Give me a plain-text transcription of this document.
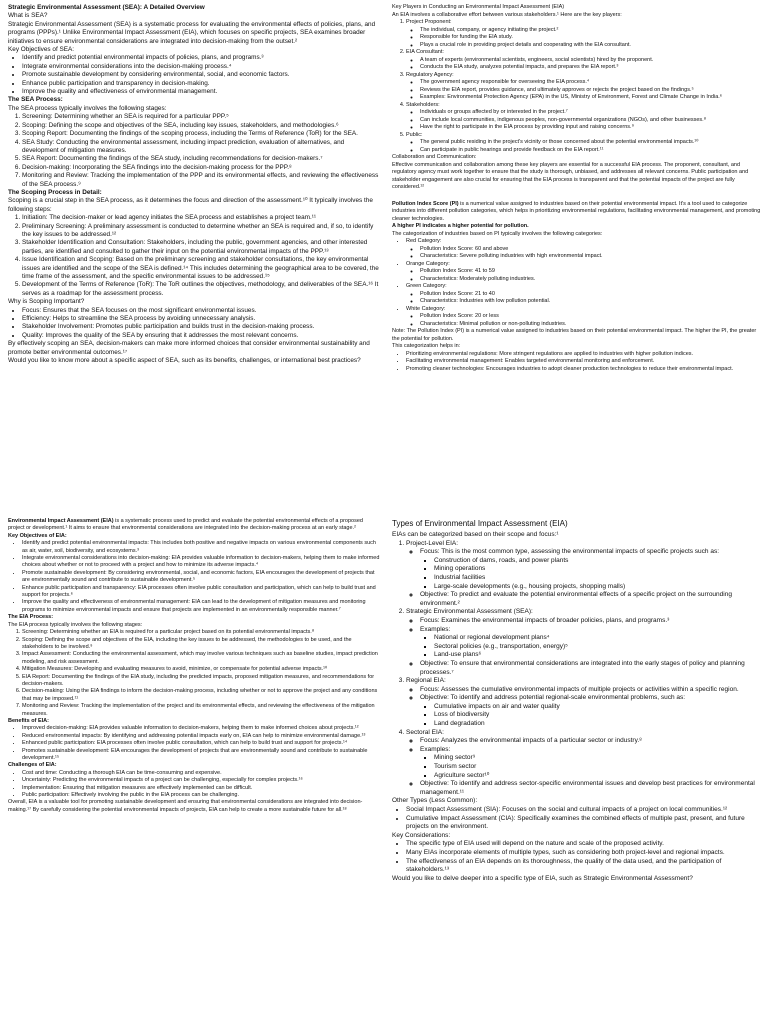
Strategic Environmental Assessment (SEA): A Detailed Overview

What is SEA?

Strategic Environmental Assessment (SEA) is a systematic process for evaluating the environmental effects of policies, plans, and programs (PPPs).¹ Unlike Environmental Impact Assessment (EIA), which focuses on specific projects, SEA examines broader initiatives to ensure environmental considerations are integrated into decision-making from the outset.²

Key Objectives of SEA:

• Identify and predict potential environmental impacts of policies, plans, and programs.³
• Integrate environmental considerations into the decision-making process.⁴
• Promote sustainable development by considering environmental, social, and economic factors.
• Enhance public participation and transparency in decision-making.
• Improve the quality and effectiveness of environmental management.

The SEA Process:

The SEA process typically involves the following stages:

1. Screening: Determining whether an SEA is required for a particular PPP.⁵
2. Scoping: Defining the scope and objectives of the SEA, including key issues, stakeholders, and methodologies.⁶
3. Scoping Report: Documenting the findings of the scoping process, including the Terms of Reference (ToR) for the SEA.
4. SEA Study: Conducting the environmental assessment, including impact prediction, evaluation of alternatives, and development of mitigation measures.
5. SEA Report: Documenting the findings of the SEA study, including recommendations for decision-makers.⁷
6. Decision-making: Incorporating the SEA findings into the decision-making process for the PPP.⁸
7. Monitoring and Review: Tracking the implementation of the PPP and its environmental effects, and reviewing the effectiveness of the SEA process.⁹

The Scoping Process in Detail:

Scoping is a crucial step in the SEA process, as it determines the focus and direction of the assessment.¹⁰ It typically involves the following steps:

1. Initiation: The decision-maker or lead agency initiates the SEA process and establishes a project team.¹¹
2. Preliminary Screening: A preliminary assessment is conducted to determine whether an SEA is required and, if so, to identify the key issues to be addressed.¹²
3. Stakeholder Identification and Consultation: Stakeholders, including the public, government agencies, and other interested parties, are identified and consulted to gather their input on the potential environmental impacts of the PPP.¹³
4. Issue Identification and Scoping: Based on the preliminary screening and stakeholder consultations, the key environmental issues are identified and the scope of the SEA is defined.¹⁴ This includes determining the geographical area to be covered, the time frame of the assessment, and the specific environmental issues to be addressed.¹⁵
5. Development of the Terms of Reference (ToR): The ToR outlines the objectives, methodology, and deliverables of the SEA.¹⁶ It serves as a roadmap for the assessment process.

Why is Scoping Important?

• Focus: Ensures that the SEA focuses on the most significant environmental issues.
• Efficiency: Helps to streamline the SEA process by avoiding unnecessary analysis.
• Stakeholder Involvement: Promotes public participation and builds trust in the decision-making process.
• Quality: Improves the quality of the SEA by ensuring that it addresses the most relevant concerns.

By effectively scoping an SEA, decision-makers can make more informed choices that consider environmental sustainability and promote better environmental outcomes.¹⁷

Would you like to know more about a specific aspect of SEA, such as its benefits, challenges, or international best practices?

Key Players in Conducting an Environmental Impact Assessment (EIA)

An EIA involves a collaborative effort between various stakeholders.¹ Here are the key players:

1. Project Proponent:
◦ The individual, company, or agency initiating the project.²
◦ Responsible for funding the EIA study.
◦ Plays a crucial role in providing project details and cooperating with the EIA consultant.
2. EIA Consultant:
◦ A team of experts (environmental scientists, engineers, social scientists) hired by the proponent.
◦ Conducts the EIA study, analyzes potential impacts, and prepares the EIA report.³
3. Regulatory Agency:
◦ The government agency responsible for overseeing the EIA process.⁴
◦ Reviews the EIA report, provides guidance, and ultimately approves or rejects the project based on the findings.⁵
◦ Examples: Environmental Protection Agency (EPA) in the US, Ministry of Environment, Forest and Climate Change in India.⁶
4. Stakeholders:
◦ Individuals or groups affected by or interested in the project.⁷
◦ Can include local communities, indigenous peoples, non-governmental organizations (NGOs), and other businesses.⁸
◦ Have the right to participate in the EIA process by providing input and raising concerns.⁹
5. Public:
◦ The general public residing in the project's vicinity or those concerned about the potential environmental impacts.¹⁰
◦ Can participate in public hearings and provide feedback on the EIA report.¹¹

Collaboration and Communication:

Effective communication and collaboration among these key players are essential for a successful EIA process. The proponent, consultant, and regulatory agency must work together to ensure that the study is thorough, unbiased, and addresses all relevant concerns. Public participation and stakeholder engagement are also crucial for ensuring that the EIA process is transparent and that the potential impacts of the project are fully considered.¹²

Pollution Index Score (PI) is a numerical value assigned to industries based on their potential environmental impact. It's a tool used to categorize industries into different pollution categories, which helps in prioritizing environmental regulations, facilitating environmental management, and promoting cleaner technologies.

A higher PI indicates a higher potential for pollution.

The categorization of industries based on PI typically involves the following categories:

• Red Category:
◦ Pollution Index Score: 60 and above
◦ Characteristics: Severe polluting industries with high environmental impact.
• Orange Category:
◦ Pollution Index Score: 41 to 59
◦ Characteristics: Moderately polluting industries.
• Green Category:
◦ Pollution Index Score: 21 to 40
◦ Characteristics: Industries with low pollution potential.
• White Category:
◦ Pollution Index Score: 20 or less
◦ Characteristics: Minimal pollution or non-polluting industries.

Note: The Pollution Index (PI) is a numerical value assigned to industries based on their potential environmental impact. The higher the PI, the greater the potential for pollution.

This categorization helps in:

• Prioritizing environmental regulations: More stringent regulations are applied to industries with higher pollution indices.
• Facilitating environmental management: Enables targeted environmental monitoring and enforcement.
• Promoting cleaner technologies: Encourages industries to adopt cleaner production technologies to reduce their environmental impact.

Environmental Impact Assessment (EIA) is a systematic process used to predict and evaluate the potential environmental effects of a proposed project or development.¹ It aims to ensure that environmental considerations are integrated into the decision-making process at an early stage.²

Key Objectives of EIA:

• Identify and predict potential environmental impacts: This includes both positive and negative impacts on various environmental components such as air, water, soil, biodiversity, and ecosystems.³
• Integrate environmental considerations into decision-making: EIA provides valuable information to decision-makers, helping them to make informed choices about whether or not to proceed with a project and how to minimize its adverse impacts.⁴
• Promote sustainable development: By considering environmental, social, and economic factors, EIA encourages the development of projects that are environmentally sound and contribute to sustainable development.⁵
• Enhance public participation and transparency: EIA processes often involve public consultation and participation, which can help to build trust and support for projects.⁶
• Improve the quality and effectiveness of environmental management: EIA can lead to the development of mitigation measures and monitoring programs to minimize environmental impacts and ensure that projects are implemented in an environmentally responsible manner.⁷

The EIA Process:

The EIA process typically involves the following stages:

1. Screening: Determining whether an EIA is required for a particular project based on its potential environmental impacts.⁸
2. Scoping: Defining the scope and objectives of the EIA, including the key issues to be addressed, the methodologies to be used, and the stakeholders to be involved.⁹
3. Impact Assessment: Conducting the environmental assessment, which may involve various techniques such as baseline studies, impact prediction modeling, and risk assessment.
4. Mitigation Measures: Developing and evaluating measures to avoid, minimize, or compensate for potential adverse impacts.¹⁰
5. EIA Report: Documenting the findings of the EIA study, including the predicted impacts, proposed mitigation measures, and recommendations for decision-makers.
6. Decision-making: Using the EIA findings to inform the decision-making process, including whether or not to approve the project and any conditions that may be imposed.¹¹
7. Monitoring and Review: Tracking the implementation of the project and its environmental effects, and reviewing the effectiveness of the mitigation measures.

Benefits of EIA:

• Improved decision-making: EIA provides valuable information to decision-makers, helping them to make informed choices about projects.¹²
• Reduced environmental impacts: By identifying and addressing potential impacts early on, EIA can help to minimize environmental damage.¹³
• Enhanced public participation: EIA processes often involve public consultation, which can help to build trust and support for projects.¹⁴
• Promotes sustainable development: EIA encourages the development of projects that are environmentally sound and contribute to sustainable development.¹⁵

Challenges of EIA:

• Cost and time: Conducting a thorough EIA can be time-consuming and expensive.
• Uncertainty: Predicting the environmental impacts of a project can be challenging, especially for complex projects.¹⁶
• Implementation: Ensuring that mitigation measures are effectively implemented can be difficult.
• Public participation: Effectively involving the public in the EIA process can be challenging.

Overall, EIA is a valuable tool for promoting sustainable development and ensuring that environmental considerations are integrated into decision-making.¹⁷ By carefully considering the potential environmental impacts of projects, EIA can help to create a more sustainable future for all.¹⁸

Types of Environmental Impact Assessment (EIA)

EIAs can be categorized based on their scope and focus:¹

1. Project-Level EIA:
◦ Focus: This is the most common type, assessing the environmental impacts of specific projects such as:
▪ Construction of dams, roads, and power plants
▪ Mining operations
▪ Industrial facilities
▪ Large-scale developments (e.g., housing projects, shopping malls)
◦ Objective: To predict and evaluate the potential environmental effects of a specific project on the surrounding environment.²
2. Strategic Environmental Assessment (SEA):
◦ Focus: Examines the environmental impacts of broader policies, plans, and programs.³
◦ Examples:
▪ National or regional development plans⁴
▪ Sectoral policies (e.g., transportation, energy)⁵
▪ Land-use plans⁶
◦ Objective: To ensure that environmental considerations are integrated into the early stages of policy and planning processes.⁷
3. Regional EIA:
◦ Focus: Assesses the cumulative environmental impacts of multiple projects or activities within a specific region.
◦ Objective: To identify and address potential regional-scale environmental problems, such as:
▪ Cumulative impacts on air and water quality
▪ Loss of biodiversity
▪ Land degradation
4. Sectoral EIA:
◦ Focus: Analyzes the environmental impacts of a particular sector or industry.⁸
◦ Examples:
▪ Mining sector⁹
▪ Tourism sector
▪ Agriculture sector¹⁰
◦ Objective: To identify and address sector-specific environmental issues and develop best practices for environmental management.¹¹

Other Types (Less Common):

• Social Impact Assessment (SIA): Focuses on the social and cultural impacts of a project on local communities.¹²
• Cumulative Impact Assessment (CIA): Specifically examines the combined effects of multiple past, present, and future projects on the environment.

Key Considerations:

• The specific type of EIA used will depend on the nature and scale of the proposed activity.
• Many EIAs incorporate elements of multiple types, such as considering both project-level and regional impacts.
• The effectiveness of an EIA depends on its thoroughness, the quality of the data used, and the participation of stakeholders.¹³

Would you like to delve deeper into a specific type of EIA, such as Strategic Environmental Assessment?
